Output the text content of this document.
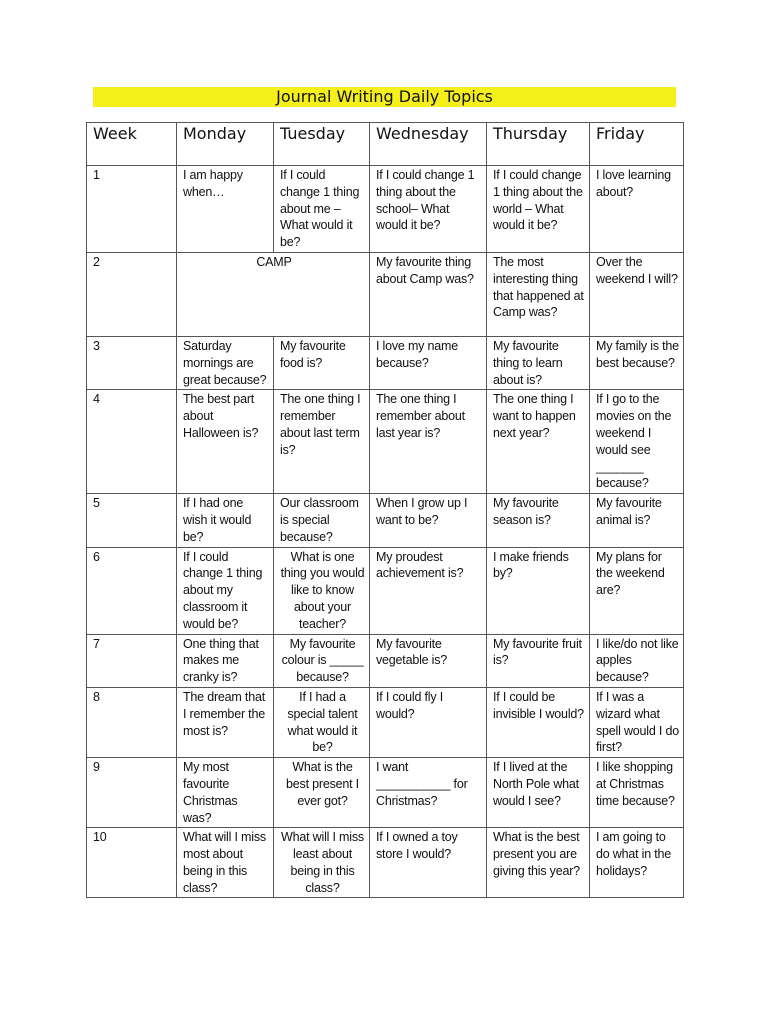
Journal Writing Daily Topics
Week	Monday	Tuesday	Wednesday	Thursday	Friday
1	I am happy when…	If I could change 1 thing about me – What would it be?	If I could change 1 thing about the school– What would it be?	If I could change 1 thing about the world – What would it be?	I love learning about?
2	CAMP		My favourite thing about Camp was?	The most interesting thing that happened at Camp was?	Over the weekend I will?
3	Saturday mornings are great because?	My favourite food is?	I love my name because?	My favourite thing to learn about is?	My family is the best because?
4	The best part about Halloween is?	The one thing I remember about last term is?	The one thing I remember about last year is?	The one thing I want to happen next year?	If I go to the movies on the weekend I would see _______ because?
5	If I had one wish it would be?	Our classroom is special because?	When I grow up I want to be?	My favourite season is?	My favourite animal is?
6	If I could change 1 thing about my classroom it would be?	What is one thing you would like to know about your teacher?	My proudest achievement is?	I make friends by?	My plans for the weekend are?
7	One thing that makes me cranky is?	My favourite colour is _____ because?	My favourite vegetable is?	My favourite fruit is?	I like/do not like apples because?
8	The dream that I remember the most is?	If I had a special talent what would it be?	If I could fly I would?	If I could be invisible I would?	If I was a wizard what spell would I do first?
9	My most favourite Christmas was?	What is the best present I ever got?	I want ___________ for Christmas?	If I lived at the North Pole what would I see?	I like shopping at Christmas time because?
10	What will I miss most about being in this class?	What will I miss least about being in this class?	If I owned a toy store I would?	What is the best present you are giving this year?	I am going to do what in the holidays?
